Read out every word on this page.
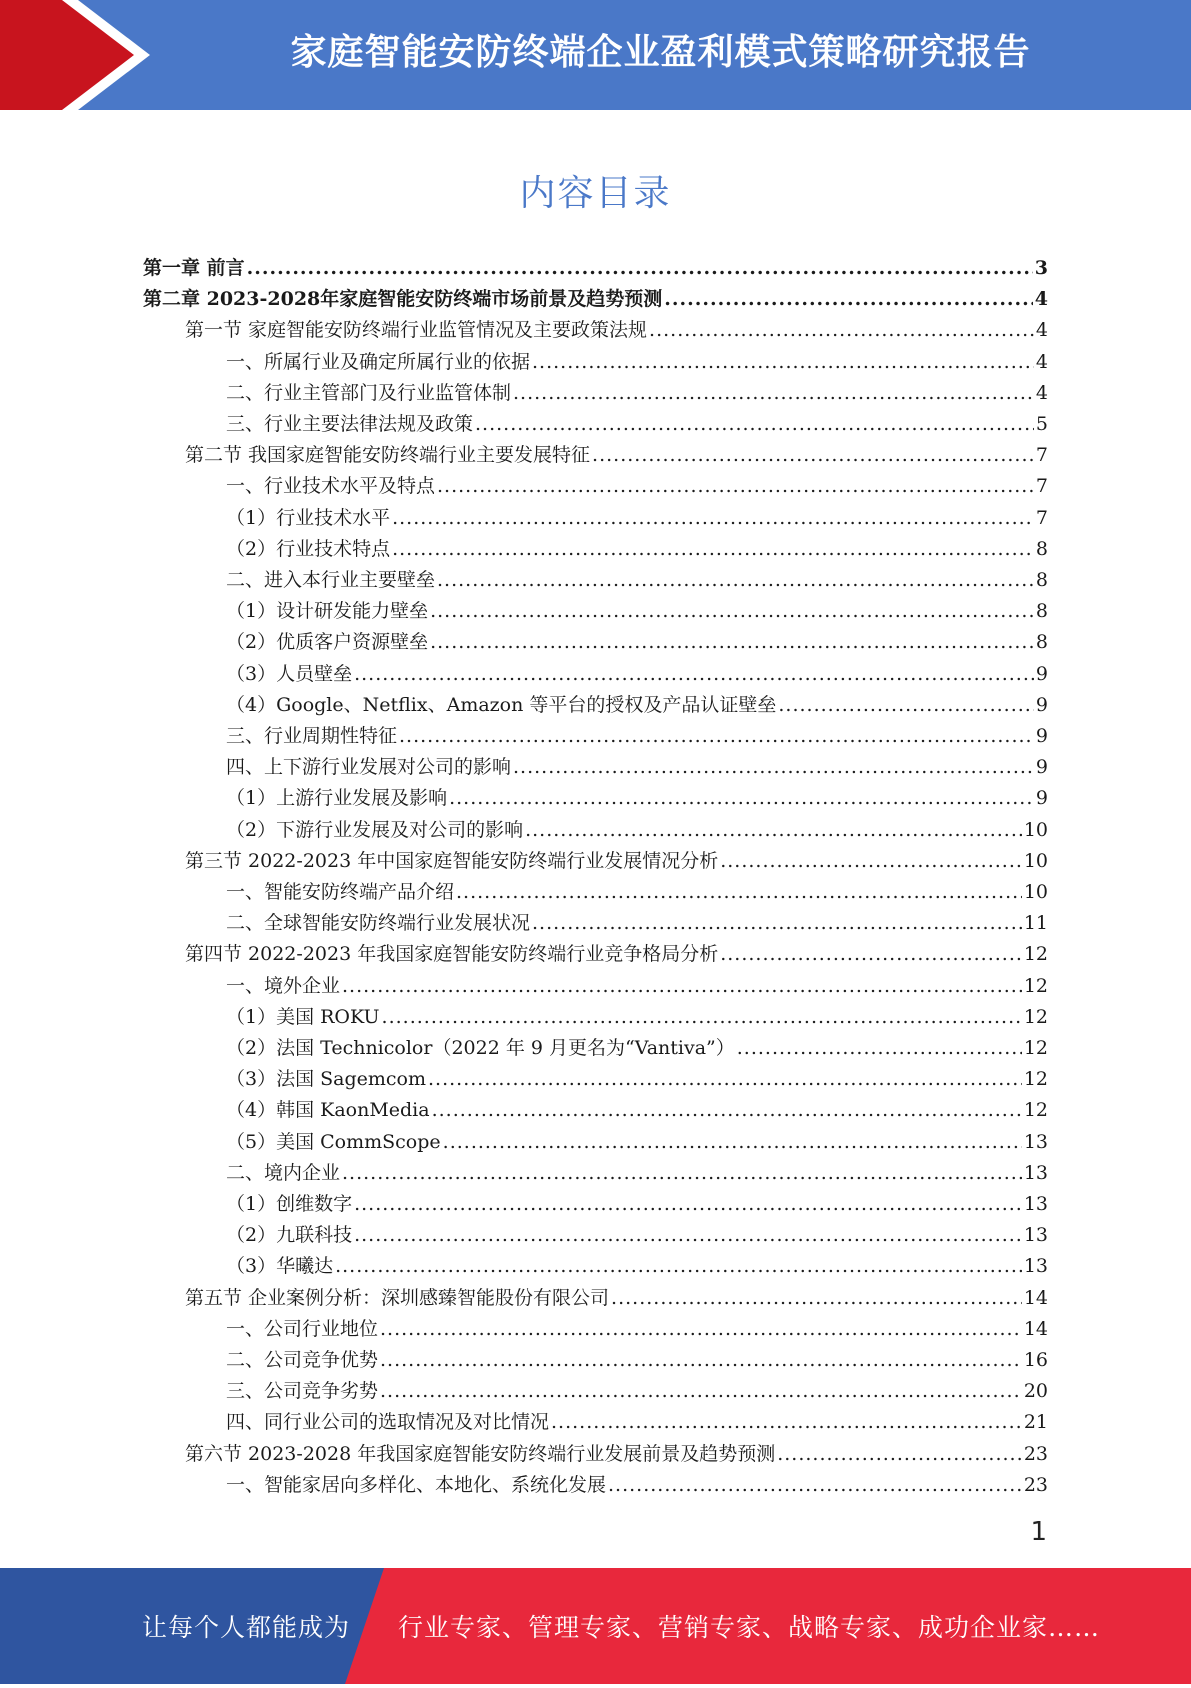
家庭智能安防终端企业盈利模式策略研究报告
内容目录
第一章 前言 .....	3
第二章 2023-2028年家庭智能安防终端市场前景及趋势预测 .....	4
第一节 家庭智能安防终端行业监管情况及主要政策法规 .....	4
一、所属行业及确定所属行业的依据 .....	4
二、行业主管部门及行业监管体制 .....	4
三、行业主要法律法规及政策 .....	5
第二节 我国家庭智能安防终端行业主要发展特征 .....	7
一、行业技术水平及特点 .....	7
（1）行业技术水平 .....	7
（2）行业技术特点 .....	8
二、进入本行业主要壁垒 .....	8
（1）设计研发能力壁垒 .....	8
（2）优质客户资源壁垒 .....	8
（3）人员壁垒 .....	9
（4）Google、Netflix、Amazon 等平台的授权及产品认证壁垒 .....	9
三、行业周期性特征 .....	9
四、上下游行业发展对公司的影响 .....	9
（1）上游行业发展及影响 .....	9
（2）下游行业发展及对公司的影响 .....	10
第三节 2022-2023 年中国家庭智能安防终端行业发展情况分析 .....	10
一、智能安防终端产品介绍 .....	10
二、全球智能安防终端行业发展状况 .....	11
第四节 2022-2023 年我国家庭智能安防终端行业竞争格局分析 .....	12
一、境外企业 .....	12
（1）美国 ROKU .....	12
（2）法国 Technicolor（2022 年 9 月更名为“Vantiva”） .....	12
（3）法国 Sagemcom .....	12
（4）韩国 KaonMedia .....	12
（5）美国 CommScope .....	13
二、境内企业 .....	13
（1）创维数字 .....	13
（2）九联科技 .....	13
（3）华曦达 .....	13
第五节 企业案例分析：深圳感臻智能股份有限公司 .....	14
一、公司行业地位 .....	14
二、公司竞争优势 .....	16
三、公司竞争劣势 .....	20
四、同行业公司的选取情况及对比情况 .....	21
第六节 2023-2028 年我国家庭智能安防终端行业发展前景及趋势预测 .....	23
一、智能家居向多样化、本地化、系统化发展 .....	23
1
让每个人都能成为 行业专家、管理专家、营销专家、战略专家、成功企业家……
